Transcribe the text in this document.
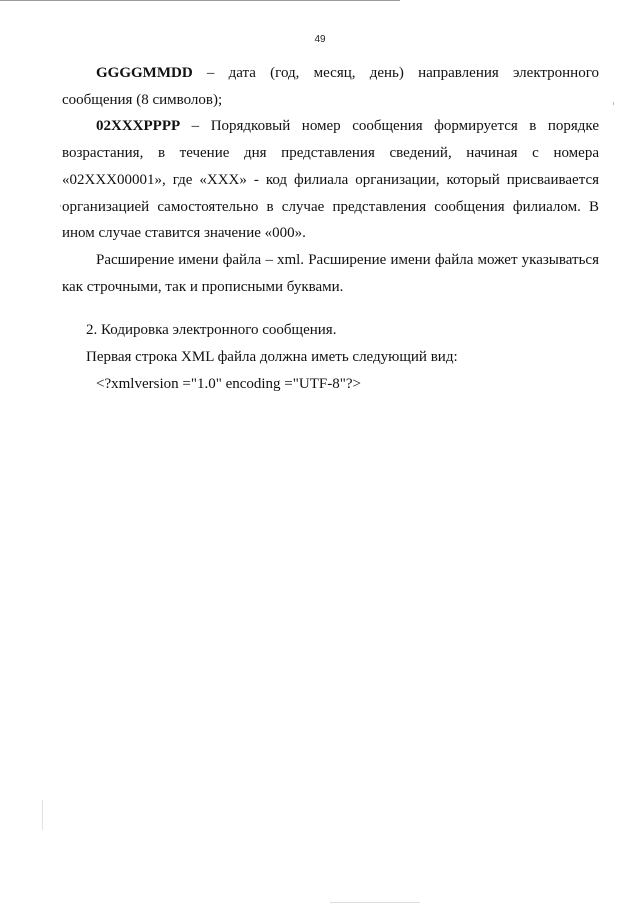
49

GGGGMMDD – дата (год, месяц, день) направления электронного сообщения (8 символов);

02XXXPPPP – Порядковый номер сообщения формируется в порядке возрастания, в течение дня представления сведений, начиная с номера «02XXX00001», где «XXX» - код филиала организации, который присваивается организацией самостоятельно в случае представления сообщения филиалом. В ином случае ставится значение «000».

Расширение имени файла – xml. Расширение имени файла может указываться как строчными, так и прописными буквами.

2. Кодировка электронного сообщения.

Первая строка XML файла должна иметь следующий вид:

<?xmlversion ="1.0" encoding ="UTF-8"?>
